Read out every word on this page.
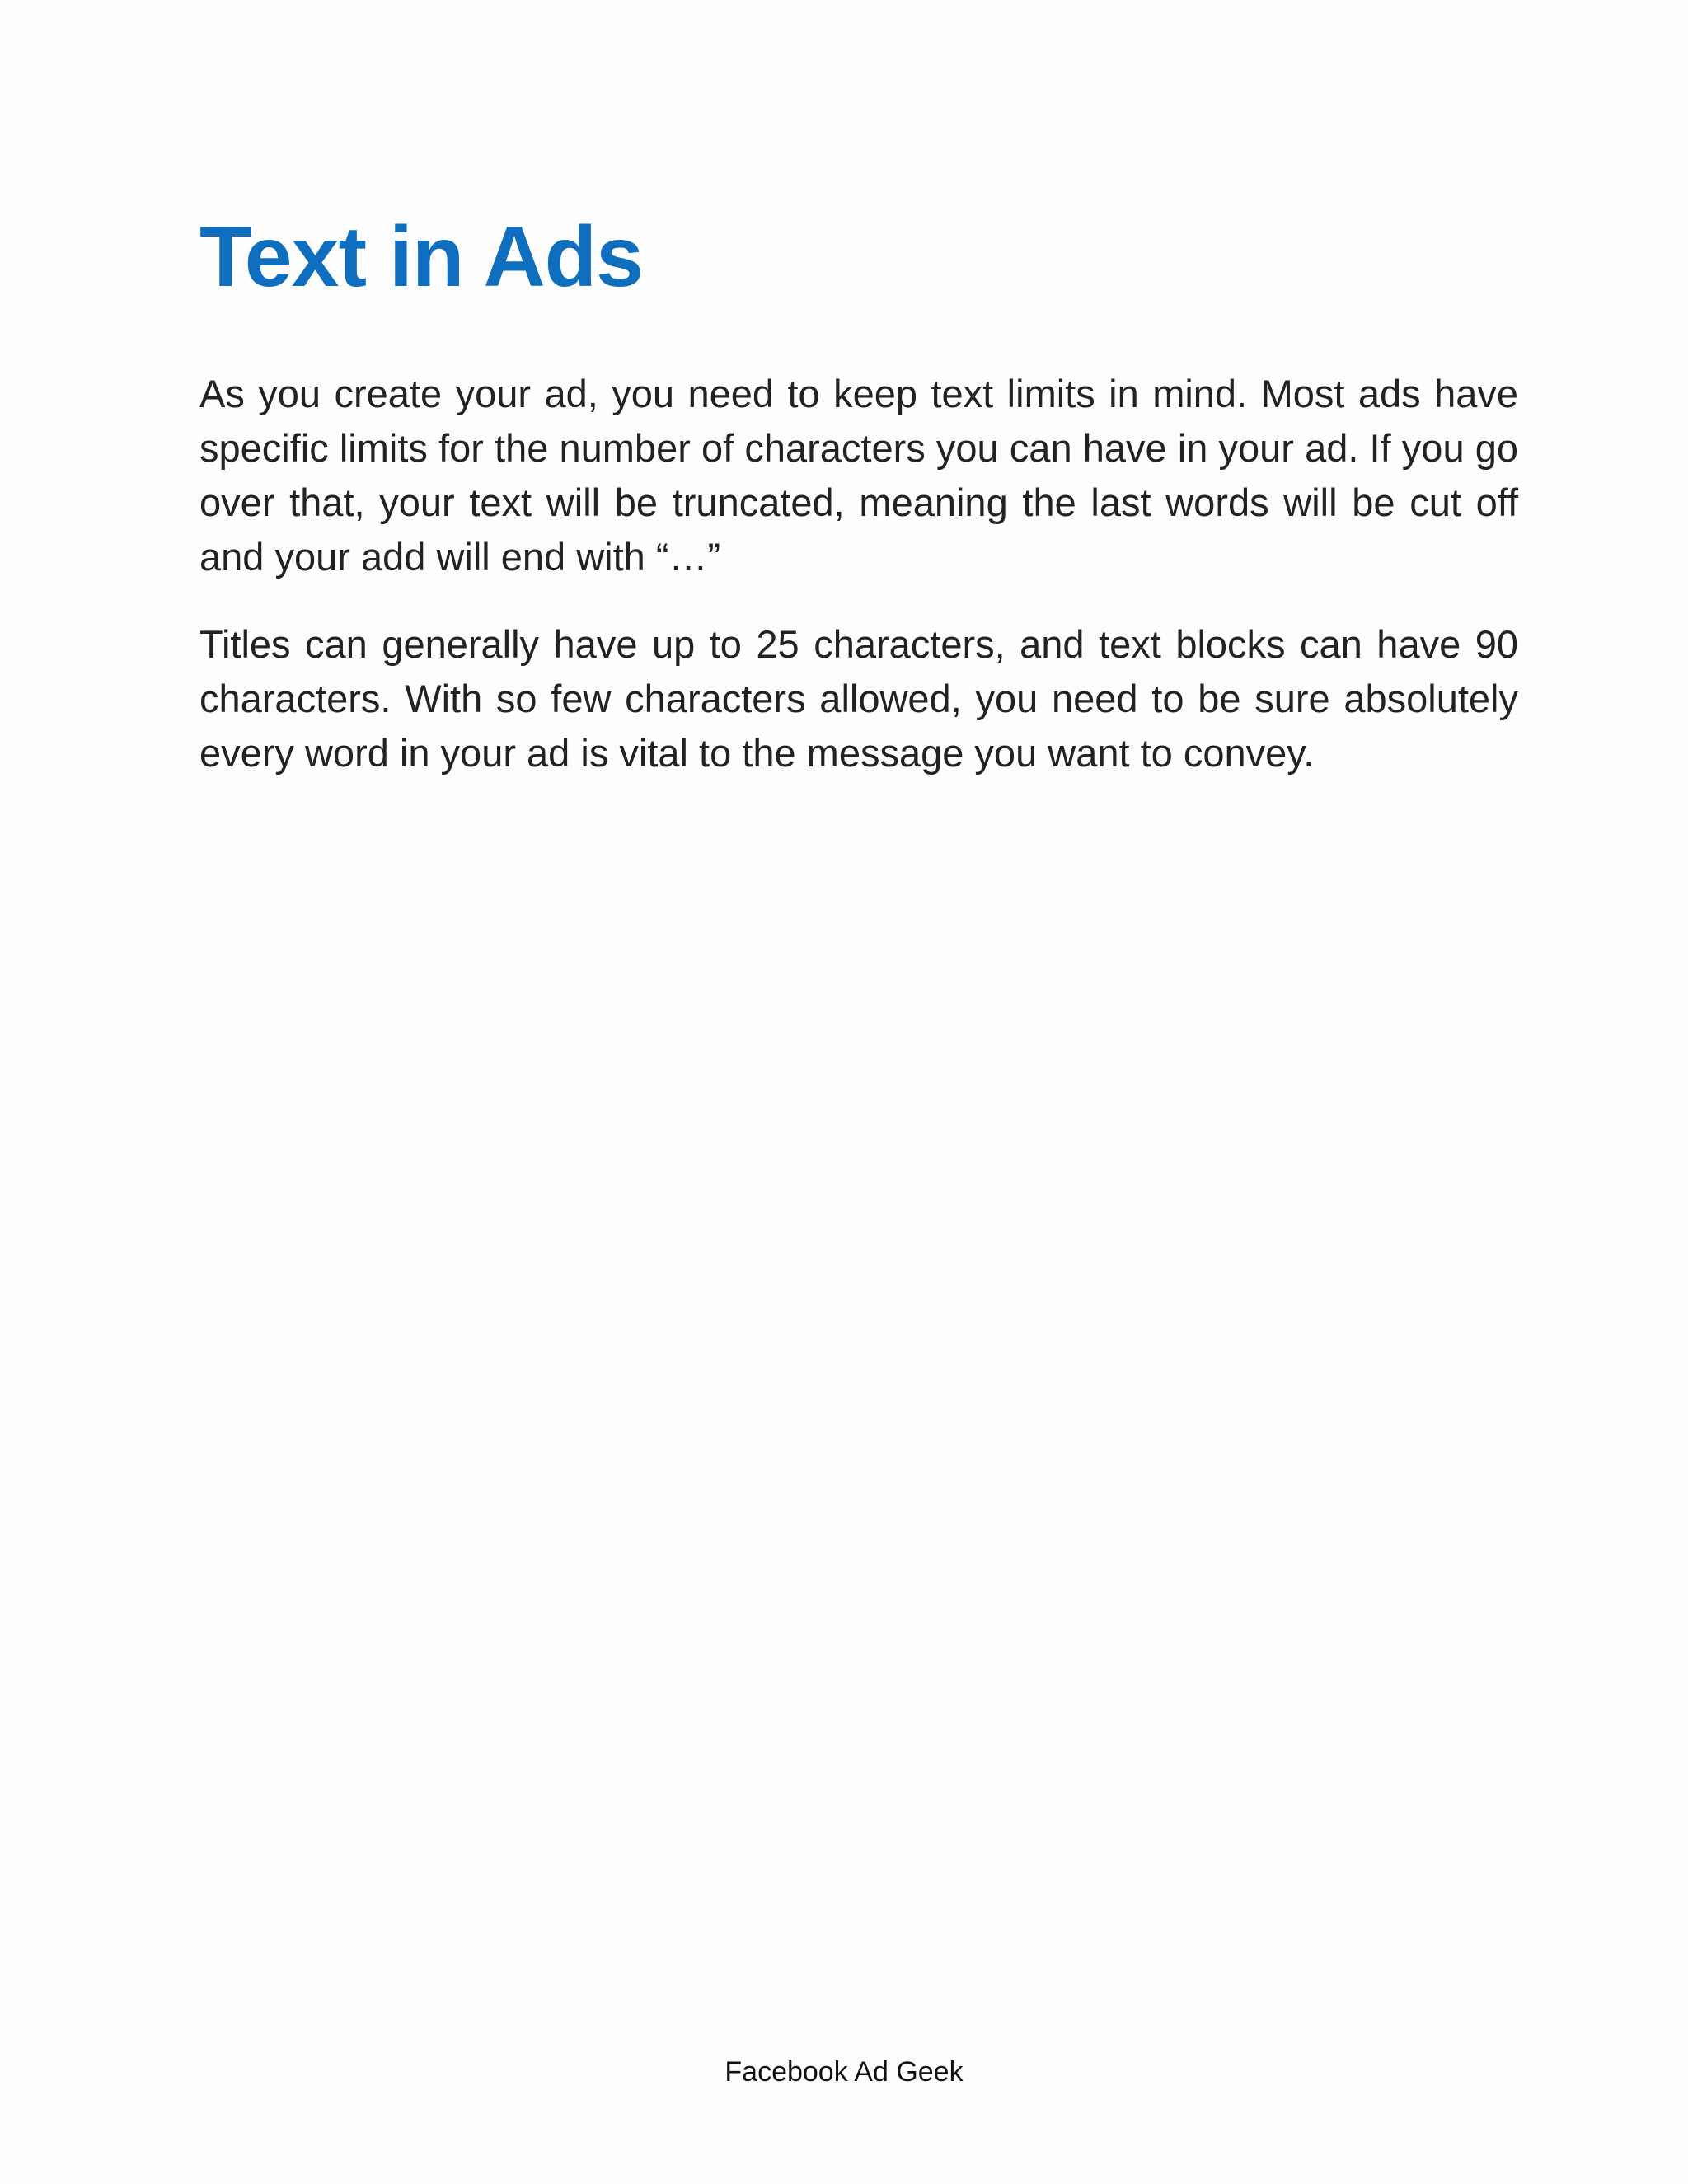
Text in Ads

As you create your ad, you need to keep text limits in mind. Most ads have specific limits for the number of characters you can have in your ad. If you go over that, your text will be truncated, meaning the last words will be cut off and your add will end with “…”

Titles can generally have up to 25 characters, and text blocks can have 90 characters. With so few characters allowed, you need to be sure absolutely every word in your ad is vital to the message you want to convey.

Facebook Ad Geek
